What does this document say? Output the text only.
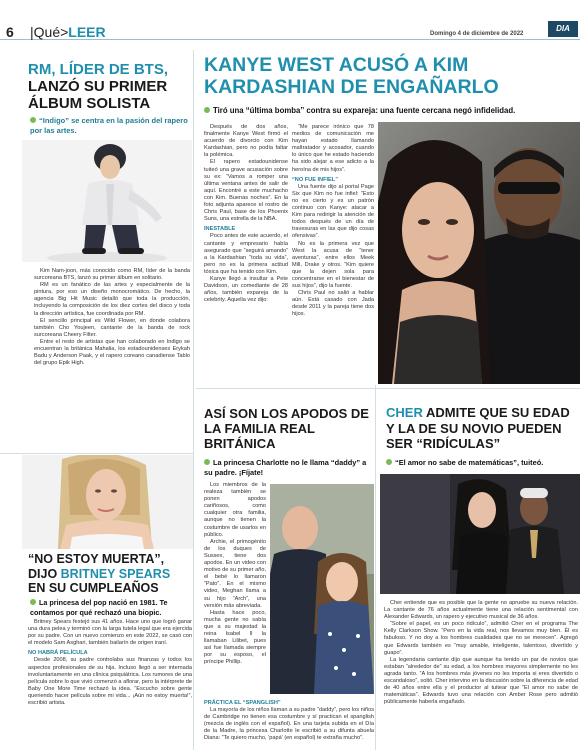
6 |Qué>LEER	Domingo 4 de diciembre de 2022
DIA
RM, LÍDER DE BTS,
LANZÓ SU PRIMER ÁLBUM SOLISTA
“Indigo” se centra en la pasión del rapero por las artes.

Kim Nam-joon, más conocido como RM, líder de la banda surcoreana BTS, lanzó su primer álbum en solitario.

RM es un fanático de las artes y especialmente de la pintura, por eso un diseño monocromático. De hecho, la agencia Big Hit Music detalló que toda la producción, incluyendo la composición de los diez cortes del disco y toda la dirección artística, fue coordinada por RM.

El sencillo principal es Wild Flower, en donde colabora también Cho Youjeen, cantante de la banda de rock surcoreana Cheery Filter.

Entre el resto de artistas que han colaborado en Indigo se encuentran la británica Mahalia, los estadounidenses Erykah Badu y Anderson Paak, y el rapero coreano canadiense Tablo del grupo Epik High.

“NO ESTOY MUERTA”,
DIJO BRITNEY SPEARS
EN SU CUMPLEAÑOS
La princesa del pop nació en 1981. Te contamos por qué rechazó una biopic.

Britney Spears festejó sus 41 años. Hace uno que logró ganar una dura pelea y terminó con la larga tutela legal que era ejercida por su padre. Con un nuevo comienzo en este 2022, se casó con el modelo Sam Asghari, también bailarín de origen iraní.

NO HABRÁ PELÍCULA

Desde 2008, su padre controlaba sus finanzas y todos los aspectos profesionales de su hija. Incluso llegó a ser internada involuntariamente en una clínica psiquiátrica. Los rumores de una película sobre lo que vivió comenzó a aflorar, pero la intérprete de Baby One More Time rechazó la idea. “Escucho sobre gente queriendo hacer película sobre mi vida... ¡Aún no estoy muerta!”, escribió artista.

KANYE WEST ACUSÓ A KIM KARDASHIAN DE ENGAÑARLO
Tiró una “última bomba” contra su expareja: una fuente cercana negó infidelidad.

Después de dos años, finalmente Kanye West firmó el acuerdo de divorcio con Kim Kardashian, pero no podía faltar la polémica.

El rapero estadounidense tuiteó una grave acusación sobre su ex: “Vamos a romper una última ventana antes de salir de aquí. Encontré a este muchacho con Kim. Buenas noches”. En la foto adjunta aparece el rostro de Chris Paul, base de los Phoenix Suns, una estrella de la NBA.

INESTABLE

Poco antes de este acuerdo, el cantante y empresario había asegurado que “seguirá amando” a la Kardashian “toda su vida”, pero no es la primera actitud tóxica que ha tenido con Kim.

Kanye llegó a insultar a Pete Davidson, un comediante de 28 años, también expareja de la celebrity. Aquella vez dijo:

“Me parece irónico que 78 medios de comunicación me hayan estado llamando maltratador y acosador, cuando lo único que he estado haciendo ha sido alejar a ese adicto a la heroína de mis hijos”.

“NO FUE INFIEL”

Una fuente dijo al portal Page Six que Kim no fue infiel: “Esto no es cierto y es un patrón continuo con Kanye: atacar a Kim para redirigir la atención de todos después de un día de travesuras en las que dijo cosas ofensivas”.

No es la primera vez que West la acusa de “tener aventuras”, entre ellos Meek Mill, Drake y otros. “Kim quiere que la dejen sola para concentrarse en el bienestar de sus hijos”, dijo la fuente.

Chris Paul no salió a hablar aún. Está casado con Jada desde 2011 y la pareja tiene dos hijos.

ASÍ SON LOS APODOS DE LA FAMILIA REAL BRITÁNICA
La princesa Charlotte no le llama “daddy” a su padre. ¡Fíjate!

Los miembros de la realeza también se ponen apodos cariñosos, como cualquier otra familia, aunque no tienen la costumbre de usarlos en público.

Archie, el primogénito de los duques de Sussex, tiene dos apodos. En un video con motivo de su primer año, el bebé lo llamaron “Pato”. En el mismo video, Meghan llama a su hijo “Arch”, una versión más abreviada.

Hasta hace poco, mucha gente no sabía que a su majestad la reina Isabel II la llamaban Lilibet, pues así fue llamada siempre por su esposo, el príncipe Phillip.

PRÁCTICA EL “SPANGLISH”

La mayoría de los niños llaman a su padre “daddy”, pero los niños de Cambridge no tienen esa costumbre y sí practican el spanglish (mezcla de inglés con el español). En una tarjeta subida en el Día de la Madre, la princesa Charlotte le escribió a su difunta abuela Diana: “Te quiero mucho, ‘papá’ (en español) te extraña mucho”.

CHER ADMITE QUE SU EDAD Y LA DE SU NOVIO PUEDEN SER “RIDÍCULAS”
“El amor no sabe de matemáticas”, tuiteó.

Cher entiende que es posible que la gente no apruebe su nueva relación. La cantante de 76 años actualmente tiene una relación sentimental con Alexander Edwards, un rapero y ejecutivo musical de 36 años.

“Sobre el papel, es un poco ridículo”, admitió Cher en el programa The Kelly Clarkson Show. “Pero en la vida real, nos llevamos muy bien. Él es fabuloso. Y no doy a los hombres cualidades que no se merecen”. Agregó que Edwards también es “muy amable, inteligente, talentoso, divertido y guapo”.

La legendaria cantante dijo que aunque ha tenido un par de novios que estaban “alrededor de” su edad, a los hombres mayores simplemente no les agrada tanto. “A los hombres más jóvenes no les importa si eres divertido o escandaloso”, soltó. Cher intervino en la discusión sobre la diferencia de edad de 40 años entre ella y el productor al tuitear que “El amor no sabe de matemáticas”. Edwards tuvo una relación con Amber Rose pero admitió públicamente haberla engañado.
